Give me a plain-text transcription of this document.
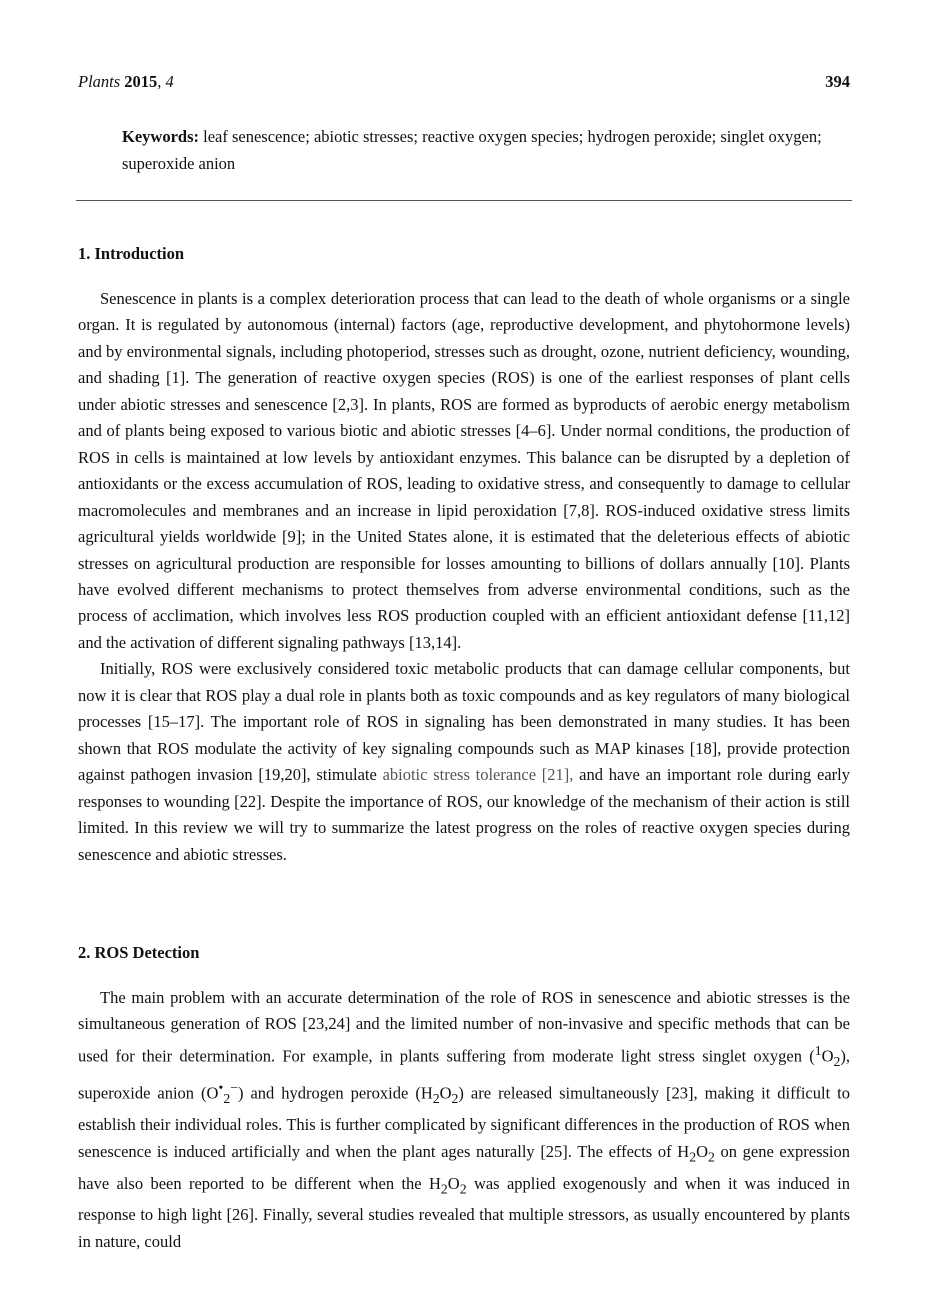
Plants 2015, 4	394
Keywords: leaf senescence; abiotic stresses; reactive oxygen species; hydrogen peroxide; singlet oxygen; superoxide anion
1. Introduction

Senescence in plants is a complex deterioration process that can lead to the death of whole organisms or a single organ. It is regulated by autonomous (internal) factors (age, reproductive development, and phytohormone levels) and by environmental signals, including photoperiod, stresses such as drought, ozone, nutrient deficiency, wounding, and shading [1]. The generation of reactive oxygen species (ROS) is one of the earliest responses of plant cells under abiotic stresses and senescence [2,3]. In plants, ROS are formed as byproducts of aerobic energy metabolism and of plants being exposed to various biotic and abiotic stresses [4–6]. Under normal conditions, the production of ROS in cells is maintained at low levels by antioxidant enzymes. This balance can be disrupted by a depletion of antioxidants or the excess accumulation of ROS, leading to oxidative stress, and consequently to damage to cellular macromolecules and membranes and an increase in lipid peroxidation [7,8]. ROS-induced oxidative stress limits agricultural yields worldwide [9]; in the United States alone, it is estimated that the deleterious effects of abiotic stresses on agricultural production are responsible for losses amounting to billions of dollars annually [10]. Plants have evolved different mechanisms to protect themselves from adverse environmental conditions, such as the process of acclimation, which involves less ROS production coupled with an efficient antioxidant defense [11,12] and the activation of different signaling pathways [13,14].

Initially, ROS were exclusively considered toxic metabolic products that can damage cellular components, but now it is clear that ROS play a dual role in plants both as toxic compounds and as key regulators of many biological processes [15–17]. The important role of ROS in signaling has been demonstrated in many studies. It has been shown that ROS modulate the activity of key signaling compounds such as MAP kinases [18], provide protection against pathogen invasion [19,20], stimulate abiotic stress tolerance [21], and have an important role during early responses to wounding [22]. Despite the importance of ROS, our knowledge of the mechanism of their action is still limited. In this review we will try to summarize the latest progress on the roles of reactive oxygen species during senescence and abiotic stresses.

2. ROS Detection

The main problem with an accurate determination of the role of ROS in senescence and abiotic stresses is the simultaneous generation of ROS [23,24] and the limited number of non-invasive and specific methods that can be used for their determination. For example, in plants suffering from moderate light stress singlet oxygen $(^1O_2)$, superoxide anion $(O^•_2^-)$ and hydrogen peroxide $(H_2O_2)$ are released simultaneously [23], making it difficult to establish their individual roles. This is further complicated by significant differences in the production of ROS when senescence is induced artificially and when the plant ages naturally [25]. The effects of $H_2O_2$ on gene expression have also been reported to be different when the $H_2O_2$ was applied exogenously and when it was induced in response to high light [26]. Finally, several studies revealed that multiple stressors, as usually encountered by plants in nature, could
